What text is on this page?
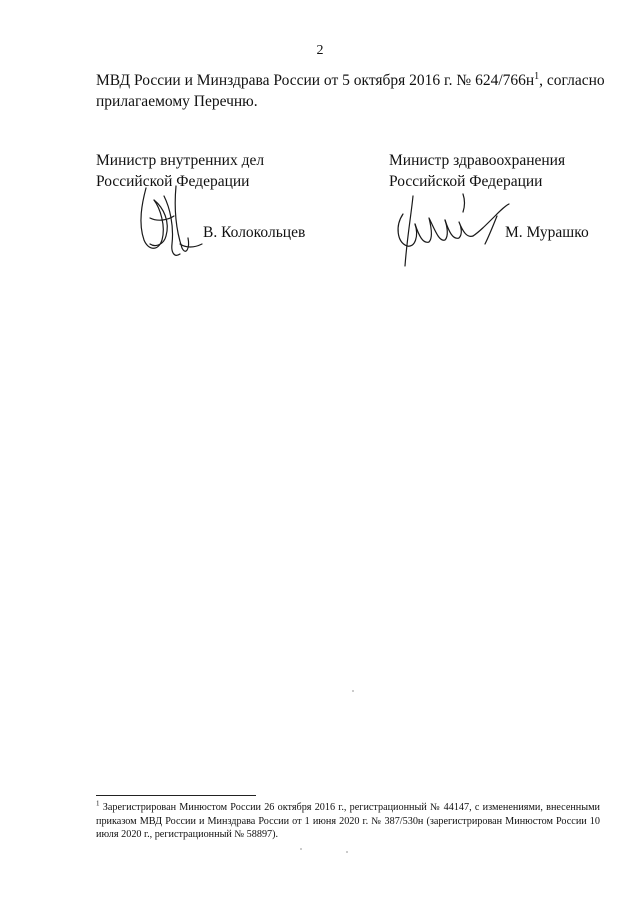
2
МВД России и Минздрава России от 5 октября 2016 г. № $624/766н^1$, согласно прилагаемому Перечню.
Министр внутренних дел
Российской Федерации
В. Колокольцев
Министр здравоохранения
Российской Федерации
М. Мурашко
$^1$ Зарегистрирован Минюстом России 26 октября 2016 г., регистрационный № 44147, с изменениями, внесенными приказом МВД России и Минздрава России от 1 июня 2020 г. № 387/530н (зарегистрирован Минюстом России 10 июля 2020 г., регистрационный № 58897).
